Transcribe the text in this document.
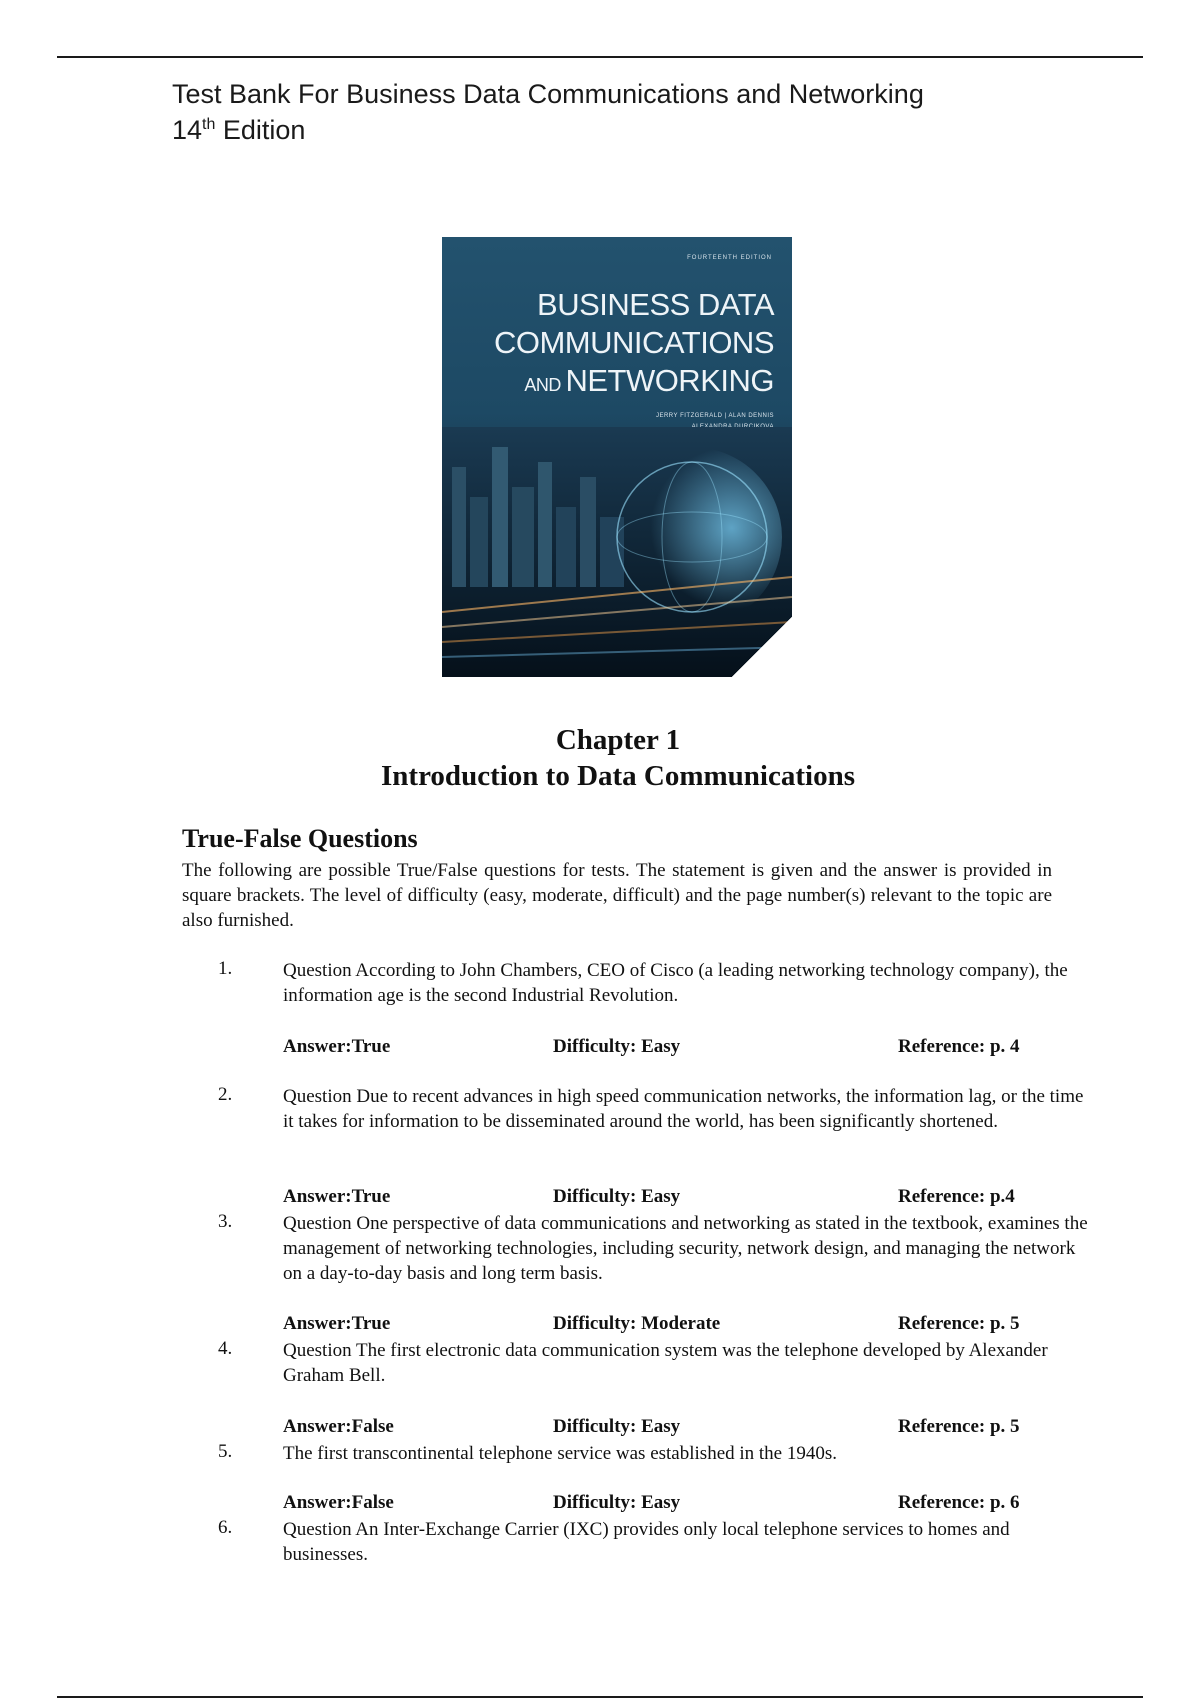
Test Bank For Business Data Communications and Networking
14th Edition
FOURTEENTH EDITION
BUSINESS DATA
COMMUNICATIONS
AND NETWORKING
JERRY FITZGERALD | ALAN DENNIS
Chapter 1
Introduction to Data Communications
True-False Questions
The following are possible True/False questions for tests. The statement is given and the answer is provided in square brackets. The level of difficulty (easy, moderate, difficult) and the page number(s) relevant to the topic are also furnished.
1.	Question According to John Chambers, CEO of Cisco (a leading networking technology company), the information age is the second Industrial Revolution.
Answer:True	Difficulty: Easy	Reference: p. 4
2.	Question Due to recent advances in high speed communication networks, the information lag, or the time it takes for information to be disseminated around the world, has been significantly shortened.
Answer:True	Difficulty: Easy	Reference: p.4
3.	Question One perspective of data communications and networking as stated in the textbook, examines the management of networking technologies, including security, network design, and managing the network on a day-to-day basis and long term basis.
Answer:True	Difficulty: Moderate	Reference: p. 5
4.	Question The first electronic data communication system was the telephone developed by Alexander Graham Bell.
Answer:False	Difficulty: Easy	Reference: p. 5
5.	The first transcontinental telephone service was established in the 1940s.
Answer:False	Difficulty: Easy	Reference: p. 6
6.	Question An Inter-Exchange Carrier (IXC) provides only local telephone services to homes and businesses.
